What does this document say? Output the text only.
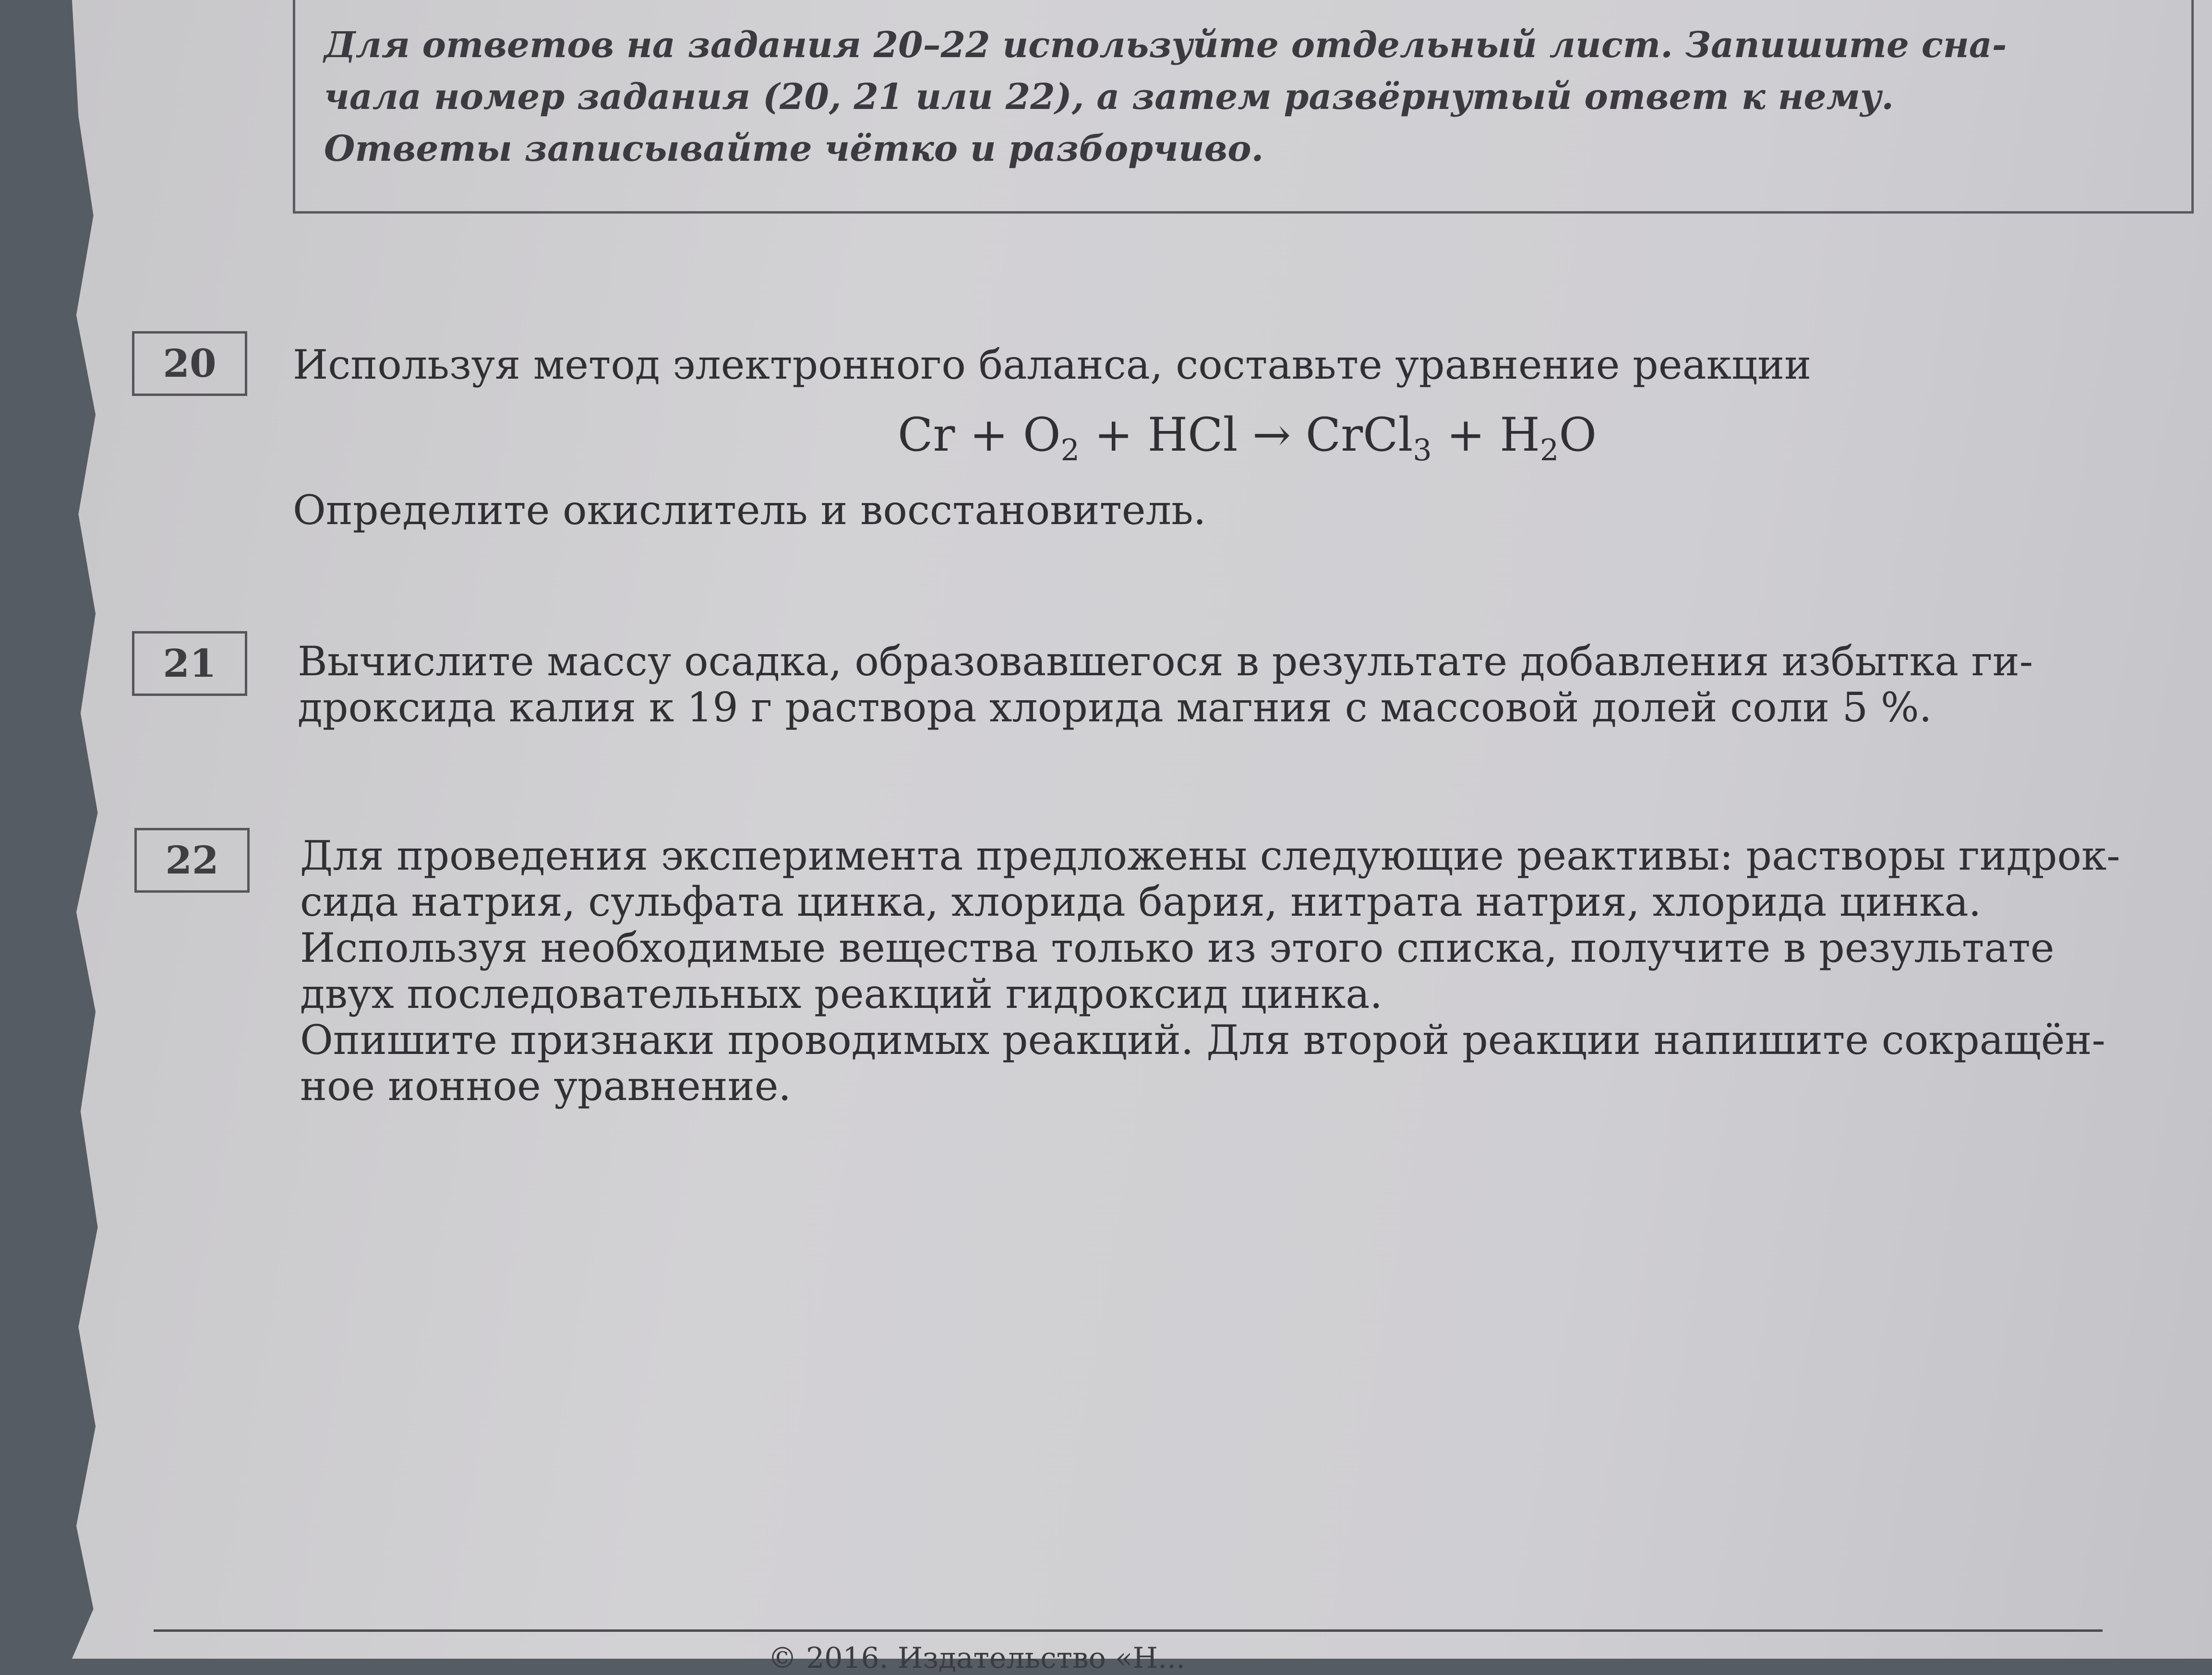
Для ответов на задания 20–22 используйте отдельный лист. Запишите сна-
чала номер задания (20, 21 или 22), а затем развёрнутый ответ к нему.
Ответы записывайте чётко и разборчиво.
20	Используя метод электронного баланса, составьте уравнение реакции
$Cr + O_2$ + HCl → CrCl$_3$ + $H_2O$
Определите окислитель и восстановитель.
21	Вычислите массу осадка, образовавшегося в результате добавления избытка ги-
дроксида калия к 19 г раствора хлорида магния с массовой долей соли 5 %.
22	Для проведения эксперимента предложены следующие реактивы: растворы гидрок-
сида натрия, сульфата цинка, хлорида бария, нитрата натрия, хлорида цинка.
Используя необходимые вещества только из этого списка, получите в результате
двух последовательных реакций гидроксид цинка.
Опишите признаки проводимых реакций. Для второй реакции напишите сокращён-
ное ионное уравнение.
© 2016. Издательство «Н...
